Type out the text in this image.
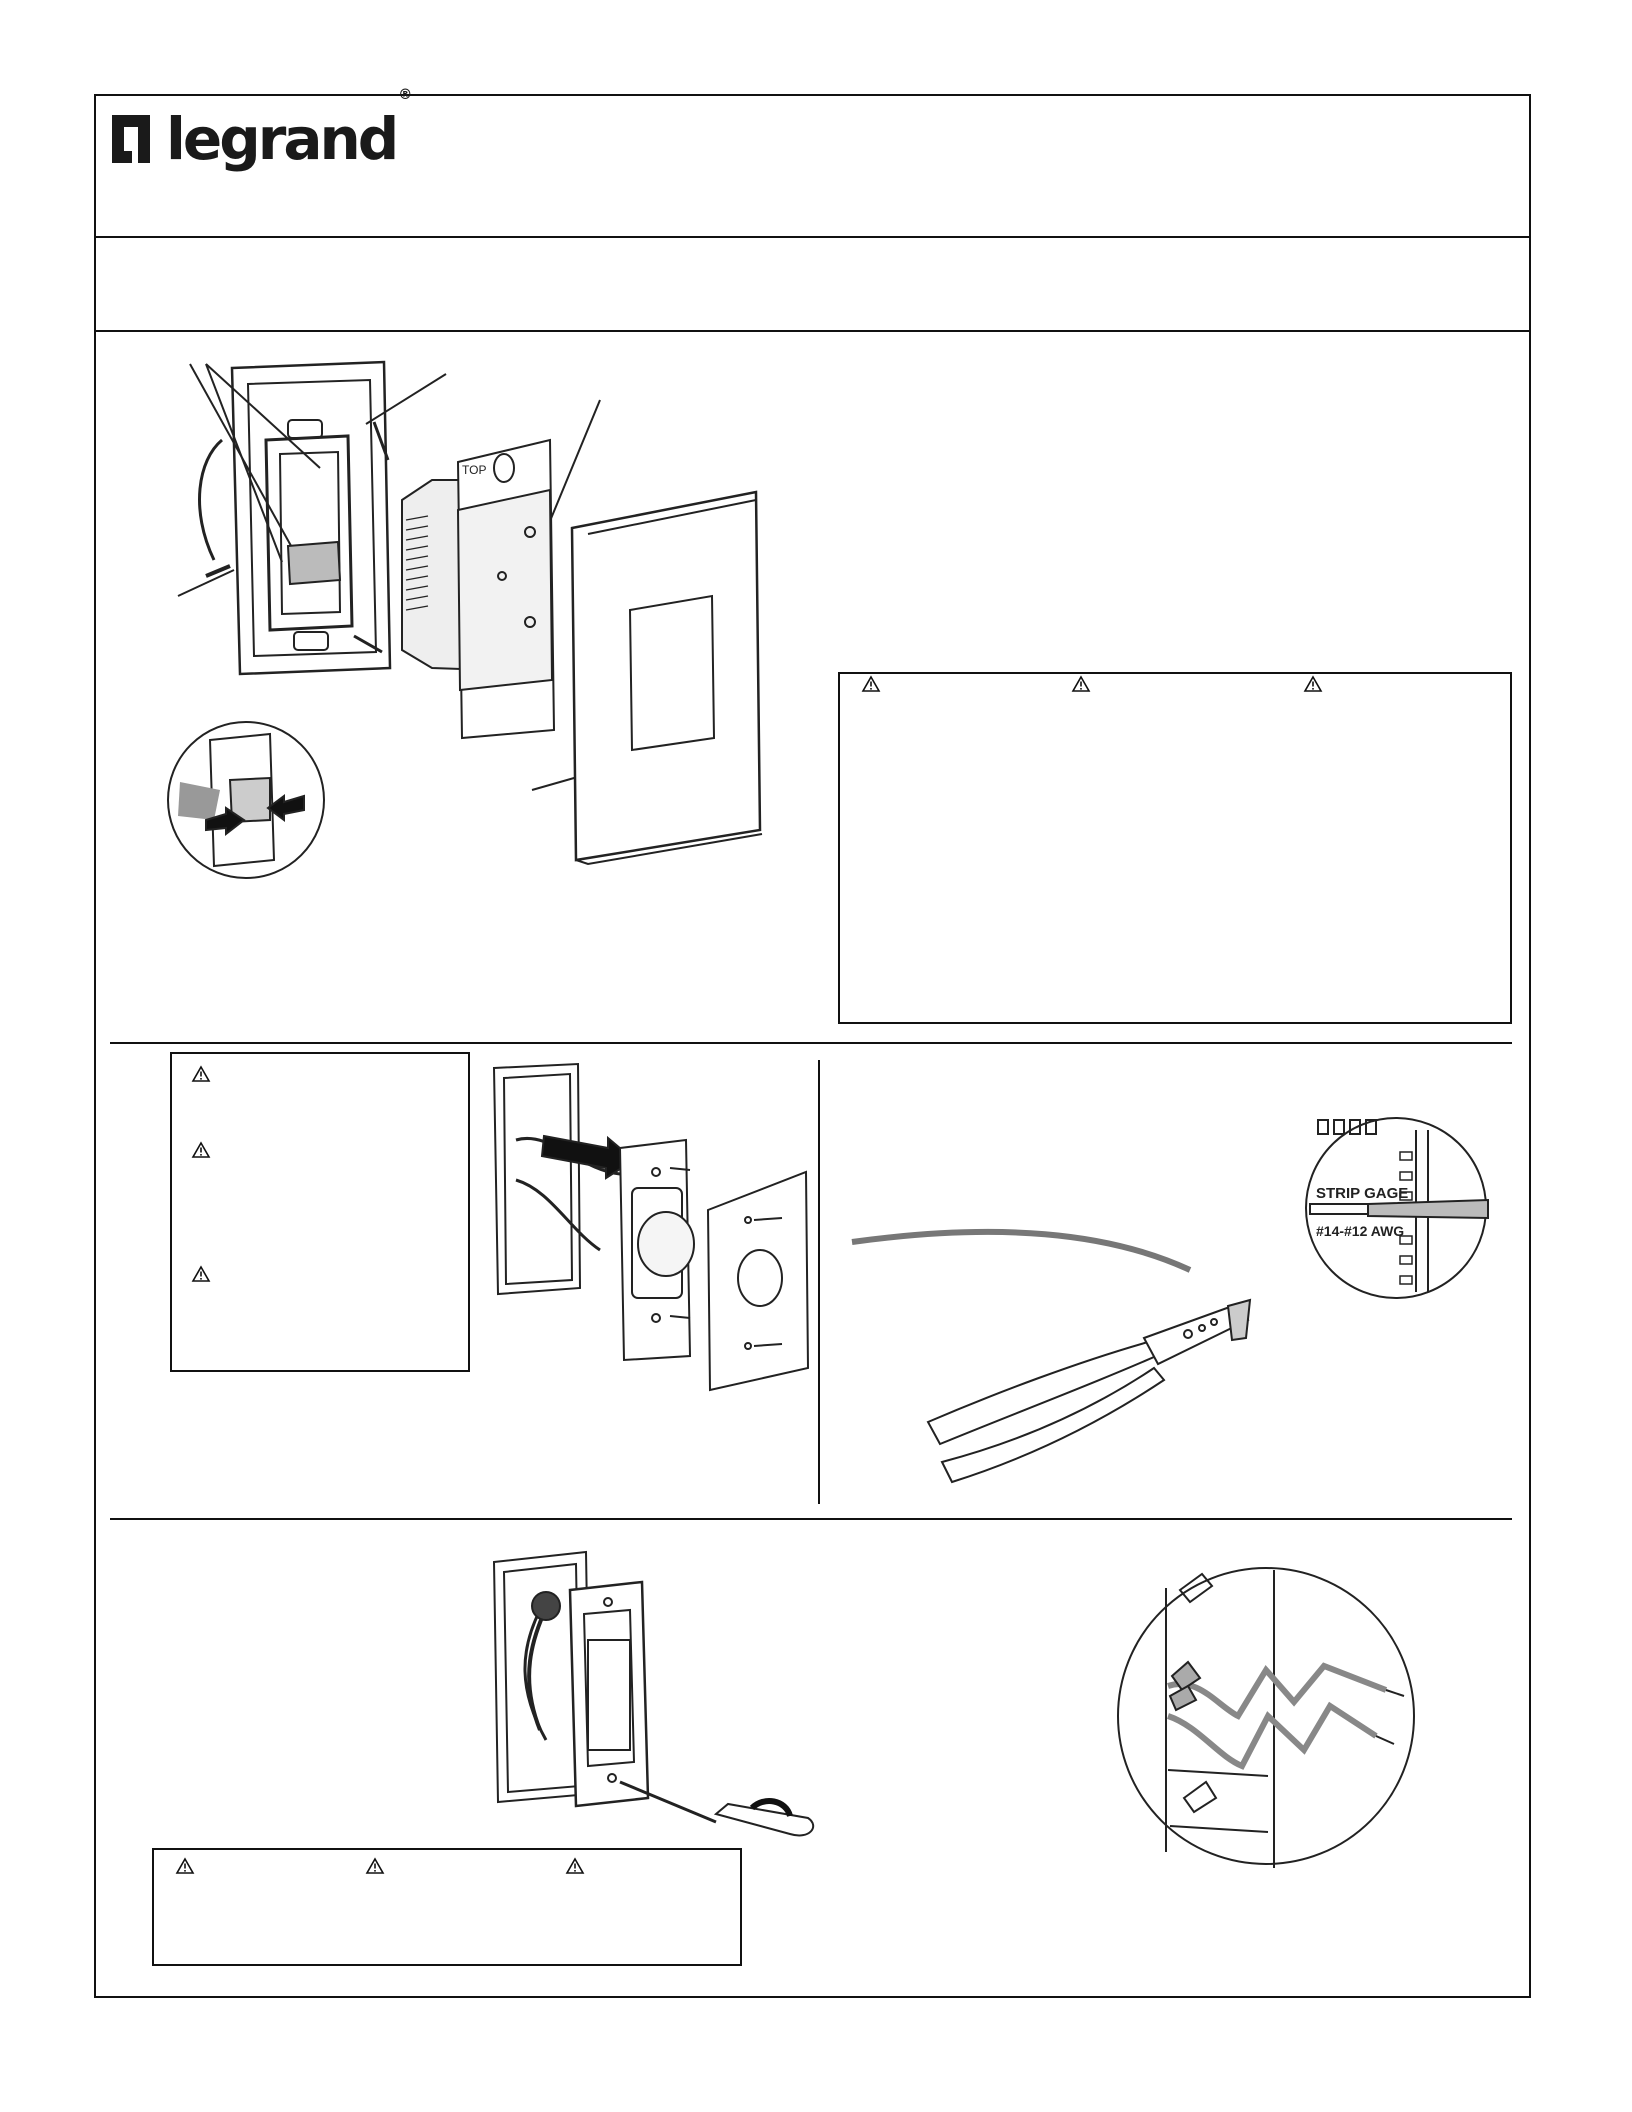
legrand®
TOP
STRIP GAGE
#14-#12 AWG
